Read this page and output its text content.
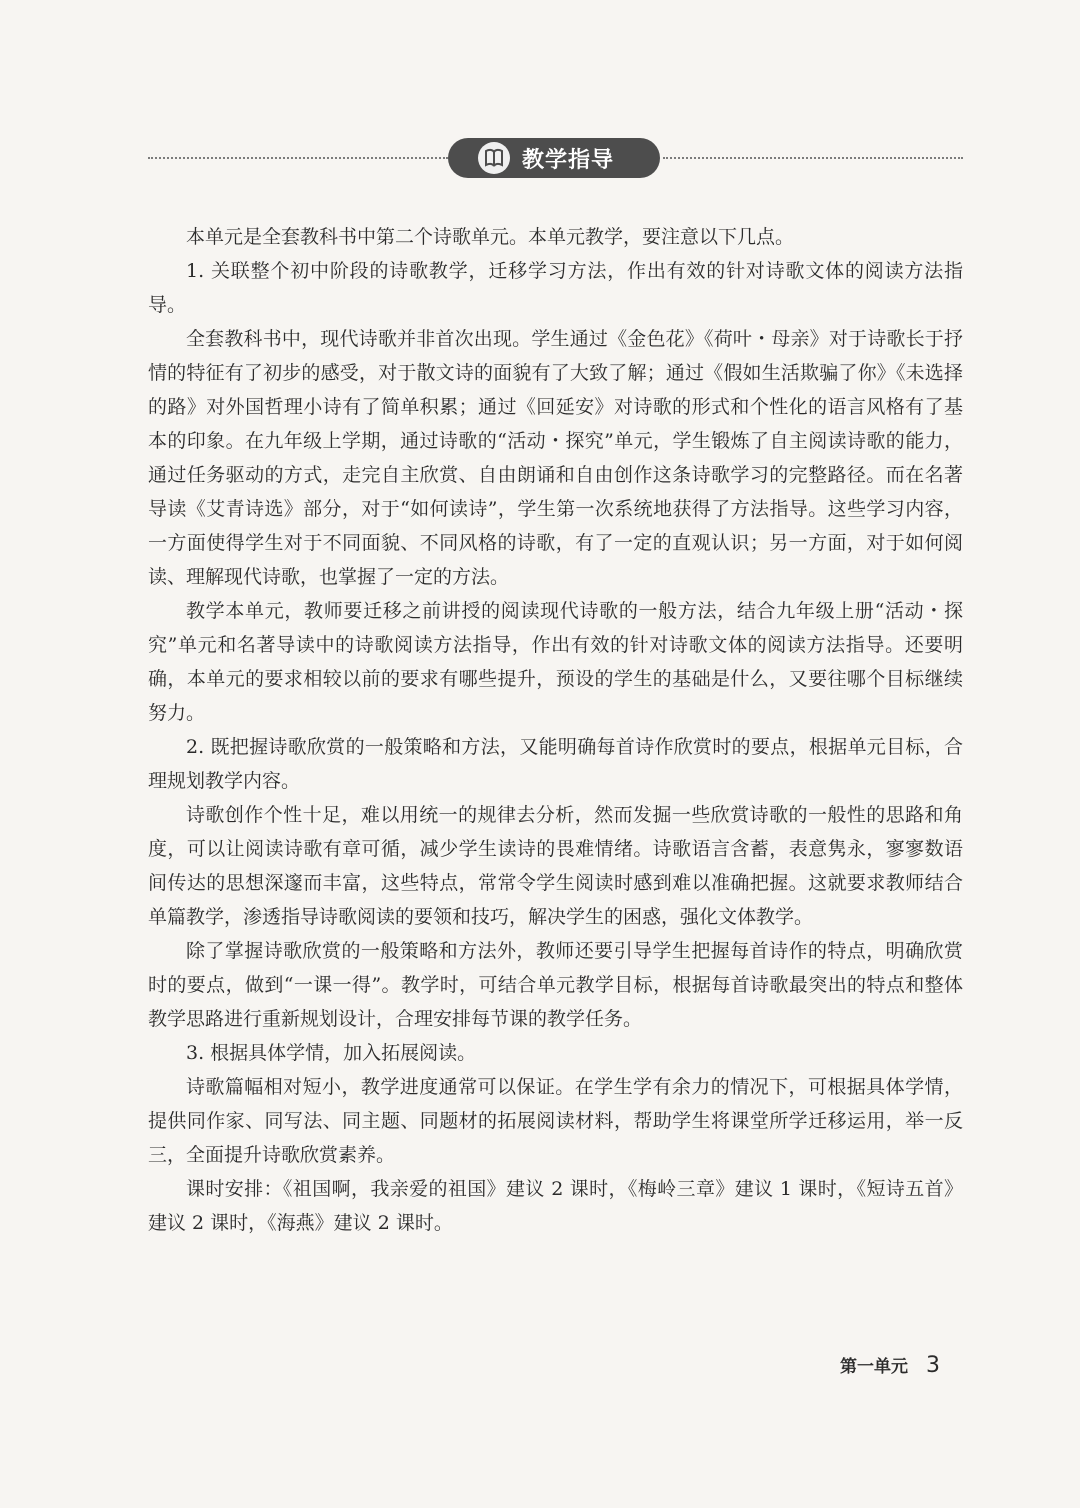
教学指导

本单元是全套教科书中第二个诗歌单元。本单元教学，要注意以下几点。

1. 关联整个初中阶段的诗歌教学，迁移学习方法，作出有效的针对诗歌文体的阅读方法指导。

全套教科书中，现代诗歌并非首次出现。学生通过《金色花》《荷叶・母亲》对于诗歌长于抒情的特征有了初步的感受，对于散文诗的面貌有了大致了解；通过《假如生活欺骗了你》《未选择的路》对外国哲理小诗有了简单积累；通过《回延安》对诗歌的形式和个性化的语言风格有了基本的印象。在九年级上学期，通过诗歌的“活动・探究”单元，学生锻炼了自主阅读诗歌的能力，通过任务驱动的方式，走完自主欣赏、自由朗诵和自由创作这条诗歌学习的完整路径。而在名著导读《艾青诗选》部分，对于“如何读诗”，学生第一次系统地获得了方法指导。这些学习内容，一方面使得学生对于不同面貌、不同风格的诗歌，有了一定的直观认识；另一方面，对于如何阅读、理解现代诗歌，也掌握了一定的方法。

教学本单元，教师要迁移之前讲授的阅读现代诗歌的一般方法，结合九年级上册“活动・探究”单元和名著导读中的诗歌阅读方法指导，作出有效的针对诗歌文体的阅读方法指导。还要明确，本单元的要求相较以前的要求有哪些提升，预设的学生的基础是什么，又要往哪个目标继续努力。

2. 既把握诗歌欣赏的一般策略和方法，又能明确每首诗作欣赏时的要点，根据单元目标，合理规划教学内容。

诗歌创作个性十足，难以用统一的规律去分析，然而发掘一些欣赏诗歌的一般性的思路和角度，可以让阅读诗歌有章可循，减少学生读诗的畏难情绪。诗歌语言含蓄，表意隽永，寥寥数语间传达的思想深邃而丰富，这些特点，常常令学生阅读时感到难以准确把握。这就要求教师结合单篇教学，渗透指导诗歌阅读的要领和技巧，解决学生的困惑，强化文体教学。

除了掌握诗歌欣赏的一般策略和方法外，教师还要引导学生把握每首诗作的特点，明确欣赏时的要点，做到“一课一得”。教学时，可结合单元教学目标，根据每首诗歌最突出的特点和整体教学思路进行重新规划设计，合理安排每节课的教学任务。

3. 根据具体学情，加入拓展阅读。

诗歌篇幅相对短小，教学进度通常可以保证。在学生学有余力的情况下，可根据具体学情，提供同作家、同写法、同主题、同题材的拓展阅读材料，帮助学生将课堂所学迁移运用，举一反三，全面提升诗歌欣赏素养。

课时安排：《祖国啊，我亲爱的祖国》建议 2 课时，《梅岭三章》建议 1 课时，《短诗五首》建议 2 课时，《海燕》建议 2 课时。

第一单元 3
